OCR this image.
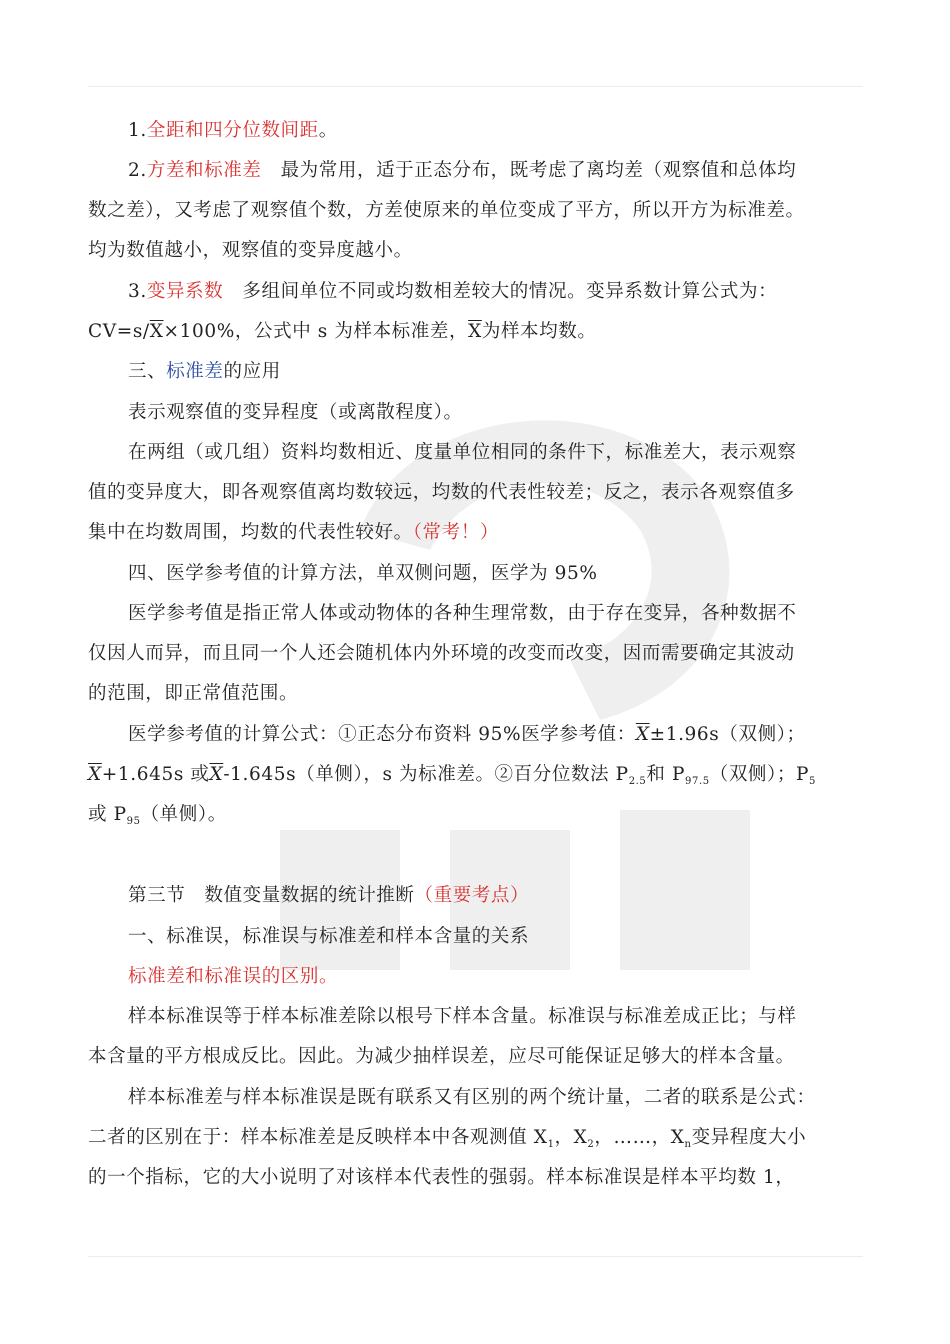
1.全距和四分位数间距。
2.方差和标准差　最为常用，适于正态分布，既考虑了离均差（观察值和总体均
数之差），又考虑了观察值个数，方差使原来的单位变成了平方，所以开方为标准差。
均为数值越小，观察值的变异度越小。
3.变异系数　多组间单位不同或均数相差较大的情况。变异系数计算公式为：
$CV=s/\overline{X}\times 100\%$，公式中 s 为样本标准差，$\overline{X}$为样本均数。
三、标准差的应用
表示观察值的变异程度（或离散程度）。
在两组（或几组）资料均数相近、度量单位相同的条件下，标准差大，表示观察
值的变异度大，即各观察值离均数较远，均数的代表性较差；反之，表示各观察值多
集中在均数周围，均数的代表性较好。（常考！）
四、医学参考值的计算方法，单双侧问题，医学为 95%
医学参考值是指正常人体或动物体的各种生理常数，由于存在变异，各种数据不
仅因人而异，而且同一个人还会随机体内外环境的改变而改变，因而需要确定其波动
的范围，即正常值范围。
医学参考值的计算公式：①正态分布资料 95%医学参考值：$\overline{X}\pm 1.96s$（双侧）；
$\overline{X}+1.645s$ 或$\overline{X}-1.645s$（单侧），s 为标准差。②百分位数法 $P_{2.5}$和 $P_{97.5}$（双侧）；$P_5$
或 $P_{95}$（单侧）。
第三节　数值变量数据的统计推断（重要考点）
一、标准误，标准误与标准差和样本含量的关系
标准差和标准误的区别。
样本标准误等于样本标准差除以根号下样本含量。标准误与标准差成正比；与样
本含量的平方根成反比。因此。为减少抽样误差，应尽可能保证足够大的样本含量。
样本标准差与样本标准误是既有联系又有区别的两个统计量，二者的联系是公式：
二者的区别在于：样本标准差是反映样本中各观测值 $X_1$，$X_2$，……，$X_n$变异程度大小
的一个指标，它的大小说明了对该样本代表性的强弱。样本标准误是样本平均数 1，
